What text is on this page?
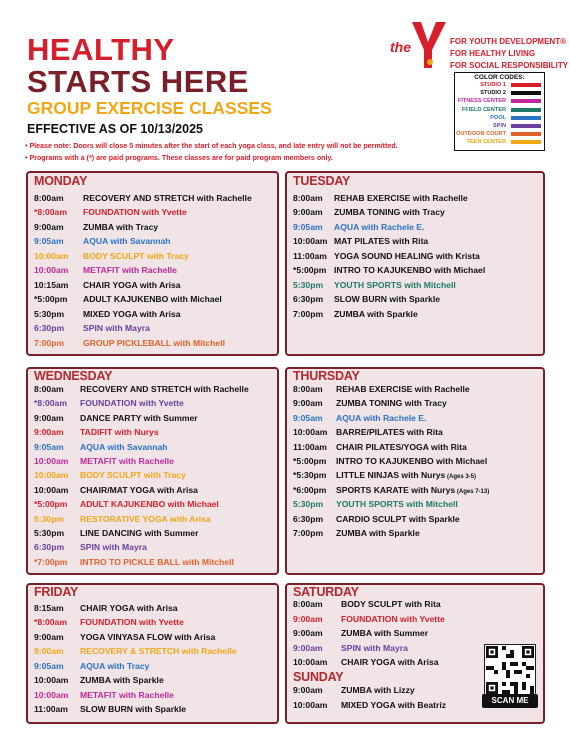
HEALTHY
STARTS HERE
GROUP EXERCISE CLASSES
EFFECTIVE AS OF 10/13/2025
• Please note: Doors will close 5 minutes after the start of each yoga class, and late entry will not be permitted.
• Programs with a (*) are paid programs. These classes are for paid program members only.
the	FOR YOUTH DEVELOPMENT®
FOR HEALTHY LIVING
FOR SOCIAL RESPONSIBILITY
COLOR CODES:
STUDIO 1
STUDIO 2
FITNESS CENTER
FFIELD CENTER
POOL
SPIN
OUTDOOR COURT
TEEN CENTER
MONDAY
8:00am RECOVERY AND STRETCH with Rachelle
*8:00am FOUNDATION with Yvette
9:00am ZUMBA with Tracy
9:05am AQUA with Savannah
10:00am BODY SCULPT with Tracy
10:00am METAFIT with Rachelle
10:15am CHAIR YOGA with Arisa
*5:00pm ADULT KAJUKENBO with Michael
5:30pm MIXED YOGA with Arisa
6:30pm SPIN with Mayra
7:00pm GROUP PICKLEBALL with Mitchell
TUESDAY
8:00am REHAB EXERCISE with Rachelle
9:00am ZUMBA TONING with Tracy
9:05am AQUA with Rachele E.
10:00am MAT PILATES with Rita
11:00am YOGA SOUND HEALING with Krista
*5:00pm INTRO TO KAJUKENBO with Michael
5:30pm YOUTH SPORTS with Mitchell
6:30pm SLOW BURN with Sparkle
7:00pm ZUMBA with Sparkle
WEDNESDAY
8:00am RECOVERY AND STRETCH with Rachelle
*8:00am FOUNDATION with Yvette
9:00am DANCE PARTY with Summer
9:00am TADIFIT with Nurys
9:05am AQUA with Savannah
10:00am METAFIT with Rachelle
10:00am BODY SCULPT with Tracy
10:00am CHAIR/MAT YOGA with Arisa
*5:00pm ADULT KAJUKENBO with Michael
5:30pm RESTORATIVE YOGA with Arisa
5:30pm LINE DANCING with Summer
6:30pm SPIN with Mayra
*7:00pm INTRO TO PICKLE BALL with Mitchell
THURSDAY
8:00am REHAB EXERCISE with Rachelle
9:00am ZUMBA TONING with Tracy
9:05am AQUA with Rachele E.
10:00am BARRE/PILATES with Rita
11:00am CHAIR PILATES/YOGA with Rita
*5:00pm INTRO TO KAJUKENBO with Michael
*5:30pm LITTLE NINJAS with Nurys (Ages 3-5)
*6:00pm SPORTS KARATE with Nurys (Ages 7-13)
5:30pm YOUTH SPORTS with Mitchell
6:30pm CARDIO SCULPT with Sparkle
7:00pm ZUMBA with Sparkle
FRIDAY
8:15am CHAIR YOGA with Arisa
*8:00am FOUNDATION with Yvette
9:00am YOGA VINYASA FLOW with Arisa
9:00am RECOVERY & STRETCH with Rachelle
9:05am AQUA with Tracy
10:00am ZUMBA with Sparkle
10:00am METAFIT with Rachelle
11:00am SLOW BURN with Sparkle
SATURDAY
8:00am BODY SCULPT with Rita
9:00am FOUNDATION with Yvette
9:00am ZUMBA with Summer
9:00am SPIN with Mayra
10:00am CHAIR YOGA with Arisa
SUNDAY
9:00am ZUMBA with Lizzy
10:00am MIXED YOGA with Beatriz	SCAN ME
